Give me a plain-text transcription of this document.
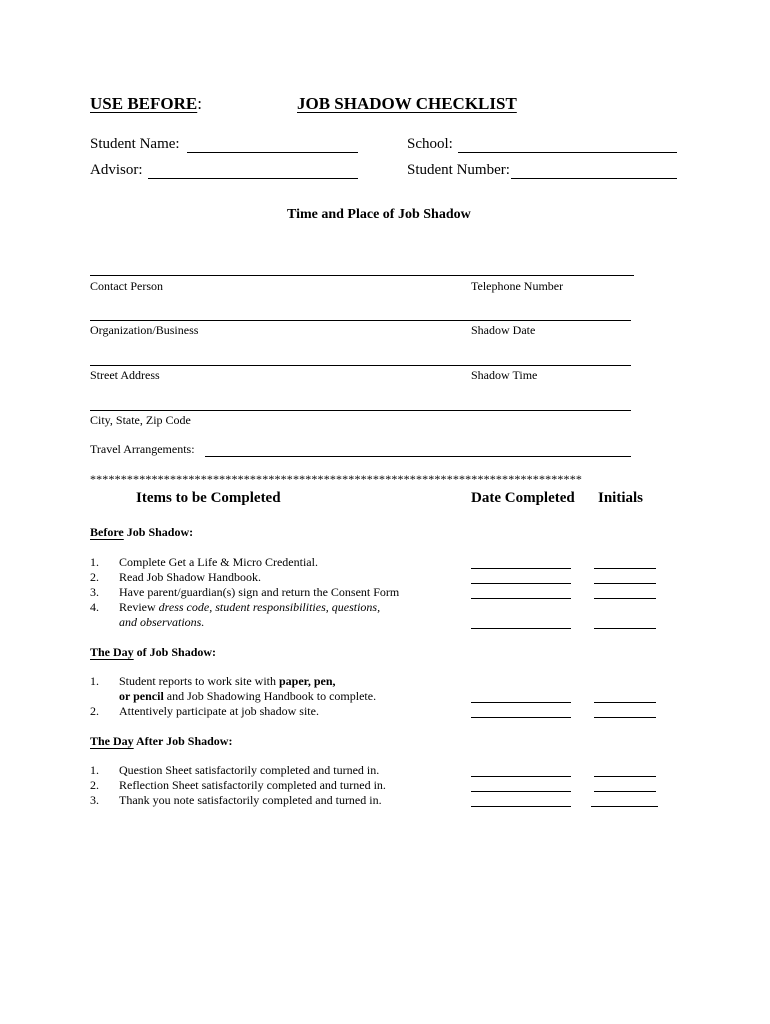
USE BEFORE:	JOB SHADOW CHECKLIST
Student Name:	School:
Advisor:	Student Number:
Time and Place of Job Shadow
Contact Person	Telephone Number
Organization/Business	Shadow Date
Street Address	Shadow Time
City, State, Zip Code
Travel Arrangements:
********************************************************************************
Items to be Completed	Date Completed Initials
Before Job Shadow:
1. Complete Get a Life & Micro Credential.
2. Read Job Shadow Handbook.
3. Have parent/guardian(s) sign and return the Consent Form
4. Review dress code, student responsibilities, questions,
and observations.
The Day of Job Shadow:
1. Student reports to work site with paper, pen,
or pencil and Job Shadowing Handbook to complete.
2. Attentively participate at job shadow site.
The Day After Job Shadow:
1. Question Sheet satisfactorily completed and turned in.
2. Reflection Sheet satisfactorily completed and turned in.
3. Thank you note satisfactorily completed and turned in.
